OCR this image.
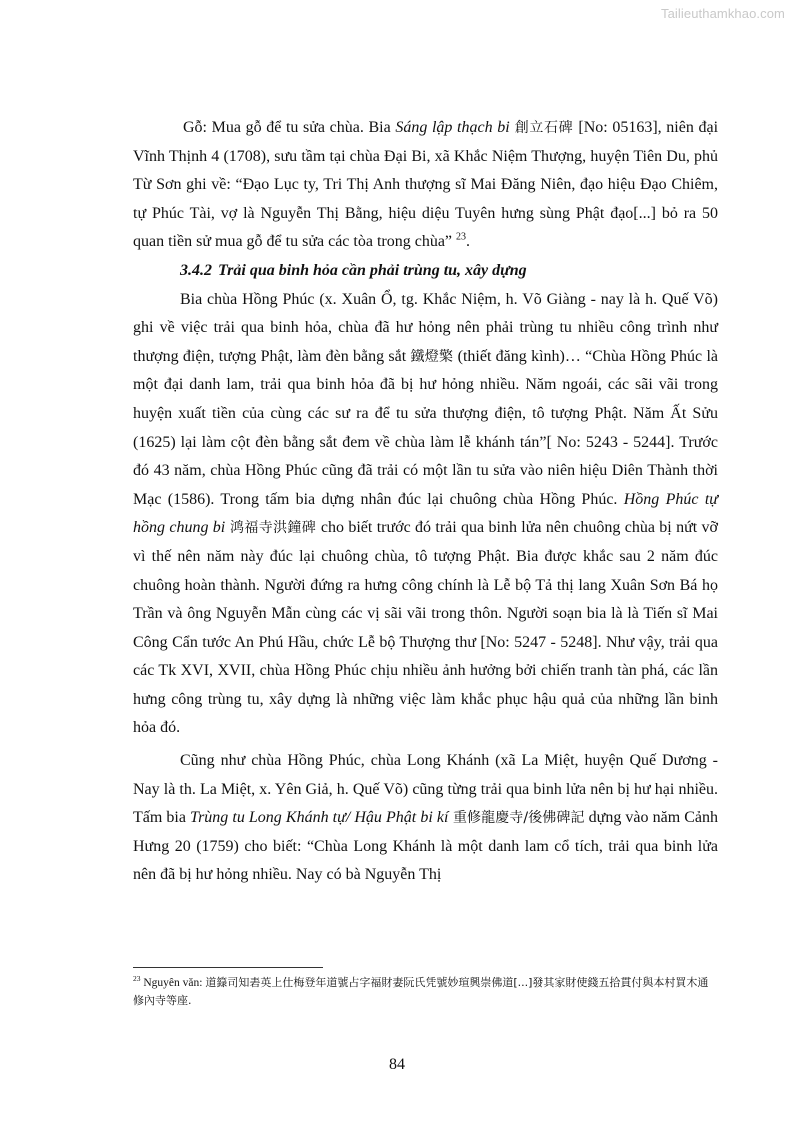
Tailieuthamkhao.com

Gỗ: Mua gỗ để tu sửa chùa. Bia Sáng lập thạch bi 創立石碑 [No: 05163], niên đại Vĩnh Thịnh 4 (1708), sưu tầm tại chùa Đại Bi, xã Khắc Niệm Thượng, huyện Tiên Du, phủ Từ Sơn ghi về: “Đạo Lục ty, Tri Thị Anh thượng sĩ Mai Đăng Niên, đạo hiệu Đạo Chiêm, tự Phúc Tài, vợ là Nguyễn Thị Bằng, hiệu diệu Tuyên hưng sùng Phật đạo[...] bỏ ra 50 quan tiền sử mua gỗ để tu sửa các tòa trong chùa” $^{23}$.

3.4.2 Trải qua binh hỏa cần phải trùng tu, xây dựng

Bia chùa Hồng Phúc (x. Xuân Ổ, tg. Khắc Niệm, h. Võ Giàng - nay là h. Quế Võ) ghi về việc trải qua binh hỏa, chùa đã hư hỏng nên phải trùng tu nhiều công trình như thượng điện, tượng Phật, làm đèn bằng sắt 鐵燈檠 (thiết đăng kình)… “Chùa Hồng Phúc là một đại danh lam, trải qua binh hỏa đã bị hư hỏng nhiều. Năm ngoái, các sãi vãi trong huyện xuất tiền của cùng các sư ra để tu sửa thượng điện, tô tượng Phật. Năm Ất Sửu (1625) lại làm cột đèn bằng sắt đem về chùa làm lễ khánh tán”[ No: 5243 - 5244]. Trước đó 43 năm, chùa Hồng Phúc cũng đã trải có một lần tu sửa vào niên hiệu Diên Thành thời Mạc (1586). Trong tấm bia dựng nhân đúc lại chuông chùa Hồng Phúc. Hồng Phúc tự hồng chung bi 鸿福寺洪鐘碑 cho biết trước đó trải qua binh lửa nên chuông chùa bị nứt vỡ vì thế nên năm này đúc lại chuông chùa, tô tượng Phật. Bia được khắc sau 2 năm đúc chuông hoàn thành. Người đứng ra hưng công chính là Lễ bộ Tả thị lang Xuân Sơn Bá họ Trần và ông Nguyễn Mẫn cùng các vị sãi vãi trong thôn. Người soạn bia là là Tiến sĩ Mai Công Cẩn tước An Phú Hầu, chức Lễ bộ Thượng thư [No: 5247 - 5248]. Như vậy, trải qua các Tk XVI, XVII, chùa Hồng Phúc chịu nhiều ảnh hưởng bởi chiến tranh tàn phá, các lần hưng công trùng tu, xây dựng là những việc làm khắc phục hậu quả của những lần binh hỏa đó.

Cũng như chùa Hồng Phúc, chùa Long Khánh (xã La Miệt, huyện Quế Dương - Nay là th. La Miệt, x. Yên Giả, h. Quế Võ) cũng từng trải qua binh lửa nên bị hư hại nhiều. Tấm bia Trùng tu Long Khánh tự/ Hậu Phật bi kí 重修龍慶寺/後佛碑記 dựng vào năm Cảnh Hưng 20 (1759) cho biết: “Chùa Long Khánh là một danh lam cổ tích, trải qua binh lửa nên đã bị hư hỏng nhiều. Nay có bà Nguyễn Thị

$^{23}$ Nguyên văn: 道籙司知砉英上仕梅登年道號占字福財妻阮氏凭號妙瑄興崇佛道[...]發其家財使錢五拾貫付與本村買木通修內寺等座.
84
